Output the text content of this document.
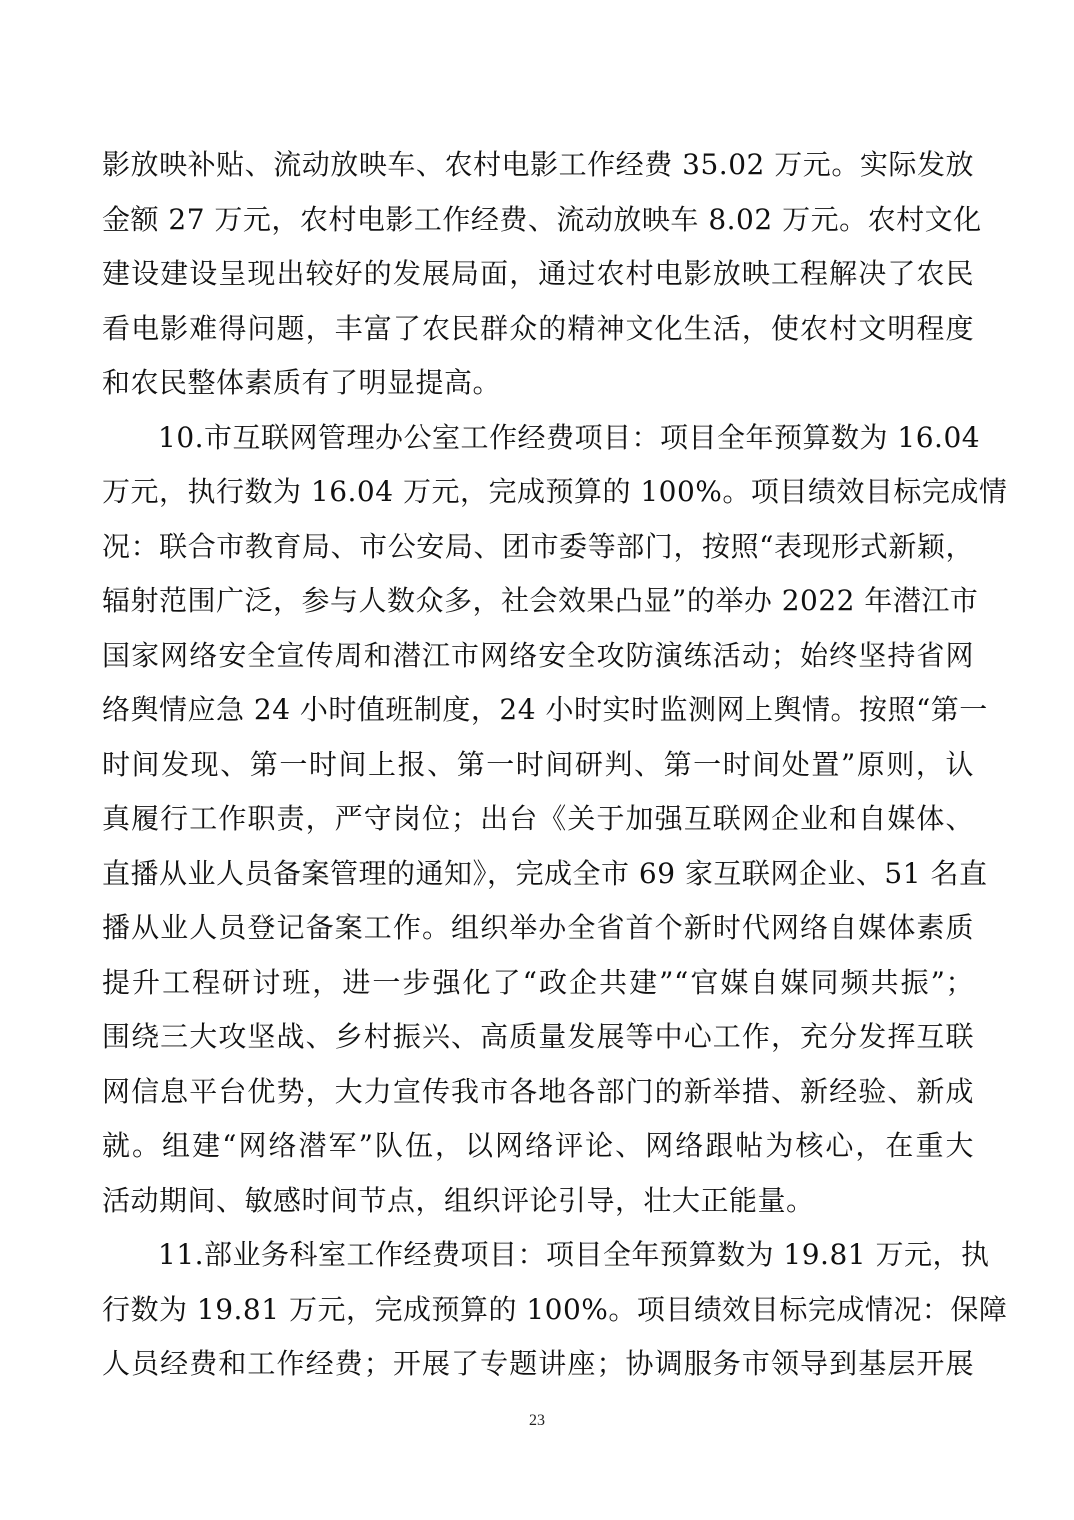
影放映补贴、流动放映车、农村电影工作经费 35.02 万元。实际发放
金额 27 万元，农村电影工作经费、流动放映车 8.02 万元。农村文化
建设建设呈现出较好的发展局面，通过农村电影放映工程解决了农民
看电影难得问题，丰富了农民群众的精神文化生活，使农村文明程度
和农民整体素质有了明显提高。
10.市互联网管理办公室工作经费项目：项目全年预算数为 16.04
万元，执行数为 16.04 万元，完成预算的 100%。项目绩效目标完成情
况：联合市教育局、市公安局、团市委等部门，按照“表现形式新颖，
辐射范围广泛，参与人数众多，社会效果凸显”的举办 2022 年潜江市
国家网络安全宣传周和潜江市网络安全攻防演练活动；始终坚持省网
络舆情应急 24 小时值班制度，24 小时实时监测网上舆情。按照“第一
时间发现、第一时间上报、第一时间研判、第一时间处置”原则，认
真履行工作职责，严守岗位；出台《关于加强互联网企业和自媒体、
直播从业人员备案管理的通知》，完成全市 69 家互联网企业、51 名直
播从业人员登记备案工作。组织举办全省首个新时代网络自媒体素质
提升工程研讨班，进一步强化了“政企共建”“官媒自媒同频共振”；
围绕三大攻坚战、乡村振兴、高质量发展等中心工作，充分发挥互联
网信息平台优势，大力宣传我市各地各部门的新举措、新经验、新成
就。组建“网络潜军”队伍，以网络评论、网络跟帖为核心，在重大
活动期间、敏感时间节点，组织评论引导，壮大正能量。
11.部业务科室工作经费项目：项目全年预算数为 19.81 万元，执
行数为 19.81 万元，完成预算的 100%。项目绩效目标完成情况：保障
人员经费和工作经费；开展了专题讲座；协调服务市领导到基层开展
23
